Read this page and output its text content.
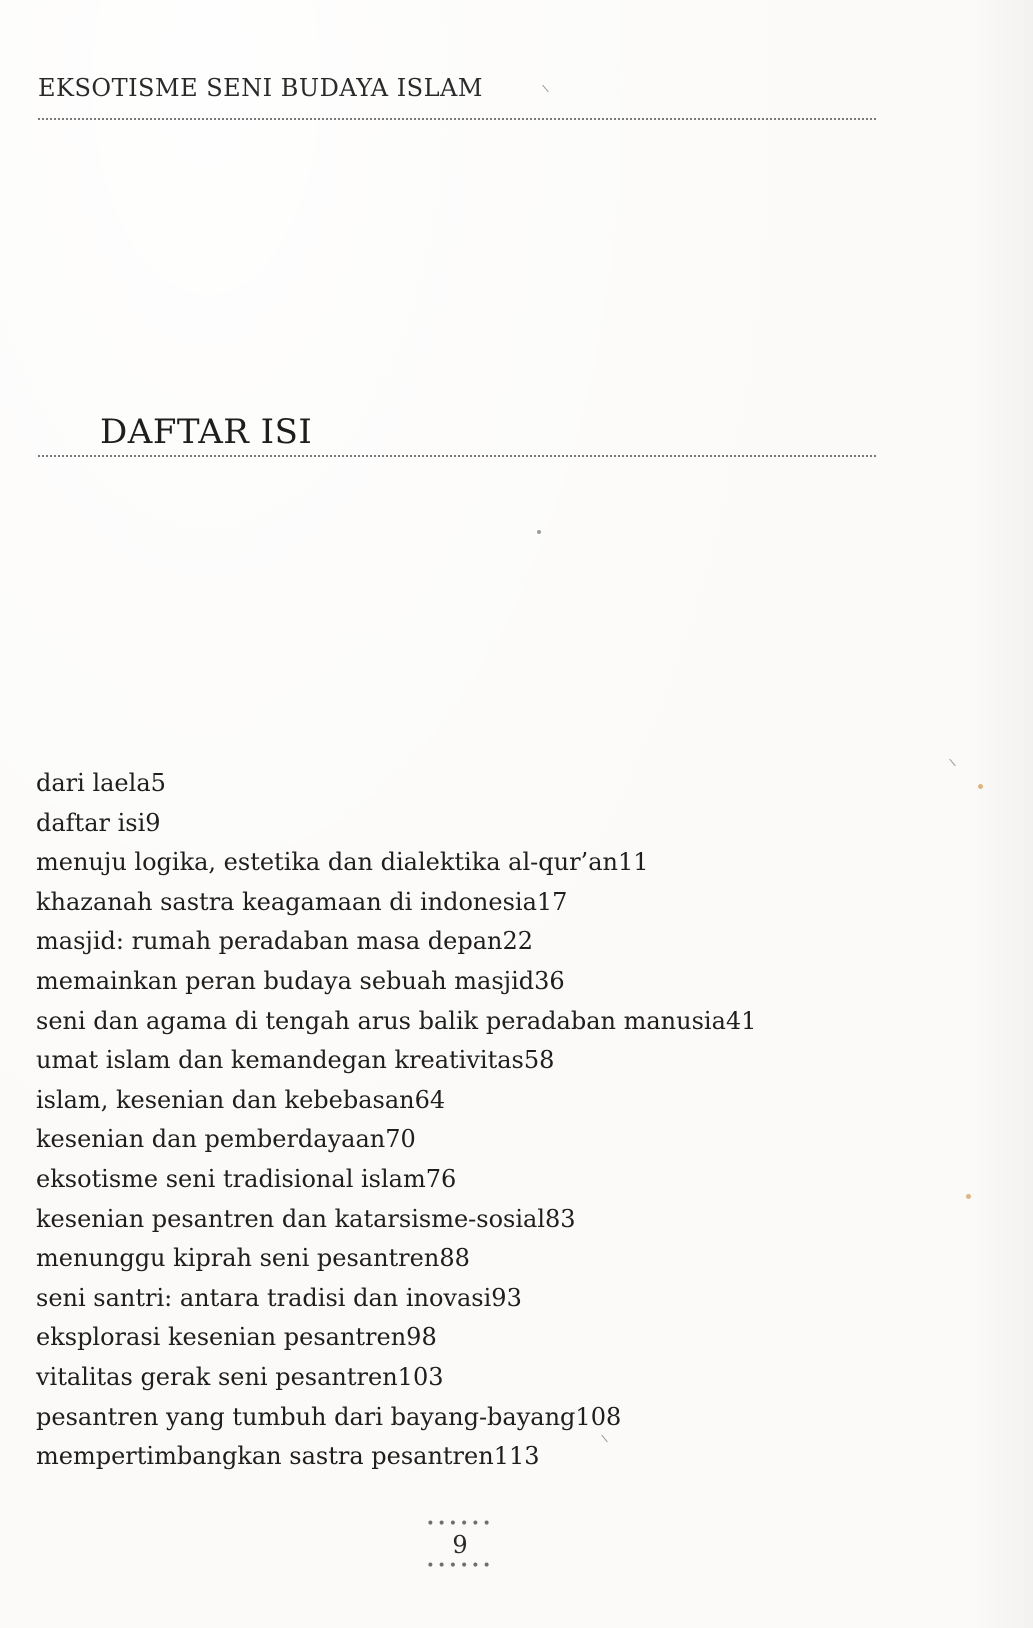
EKSOTISME SENI BUDAYA ISLAM
DAFTAR ISI
dari laela5
daftar isi9
menuju logika, estetika dan dialektika al-qur’an11
khazanah sastra keagamaan di indonesia17
masjid: rumah peradaban masa depan22
memainkan peran budaya sebuah masjid36
seni dan agama di tengah arus balik peradaban manusia41
umat islam dan kemandegan kreativitas58
islam, kesenian dan kebebasan64
kesenian dan pemberdayaan70
eksotisme seni tradisional islam76
kesenian pesantren dan katarsisme-sosial83
menunggu kiprah seni pesantren88
seni santri: antara tradisi dan inovasi93
eksplorasi kesenian pesantren98
vitalitas gerak seni pesantren103
pesantren yang tumbuh dari bayang-bayang108
mempertimbangkan sastra pesantren113
••••••
9
••••••
